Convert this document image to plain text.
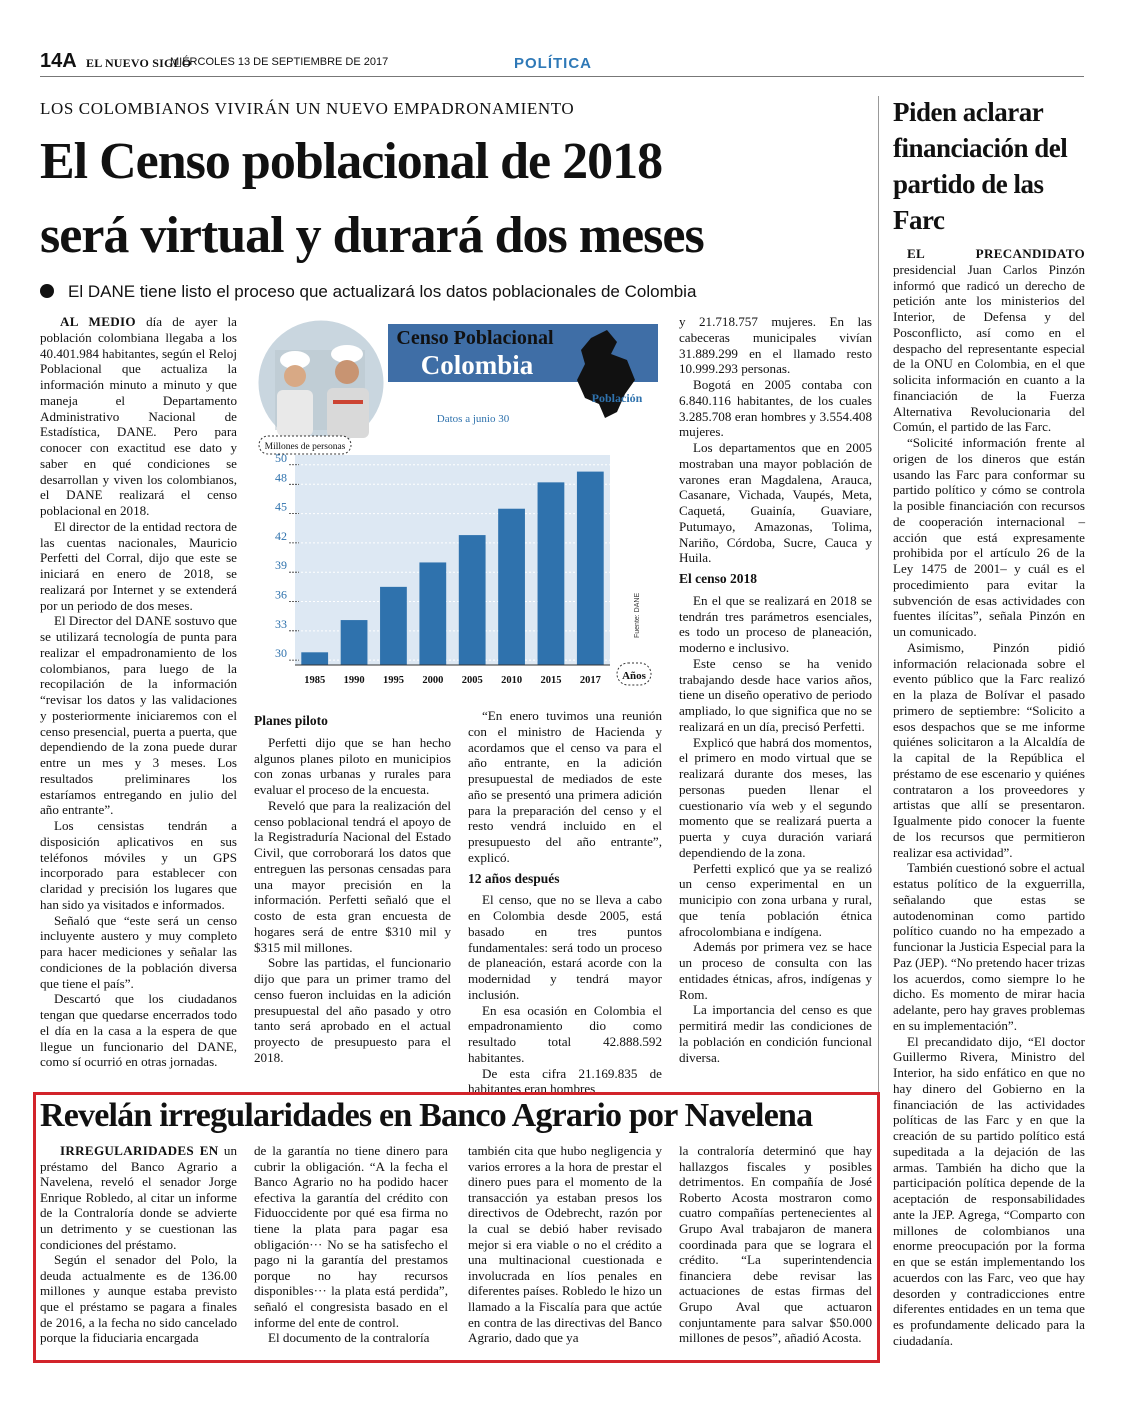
14A EL NUEVO SIGLO
MIÉRCOLES 13 DE SEPTIEMBRE DE 2017	POLÍTICA
LOS COLOMBIANOS VIVIRÁN UN NUEVO EMPADRONAMIENTO
El Censo poblacional de 2018
será virtual y durará dos meses
El DANE tiene listo el proceso que actualizará los datos poblacionales de Colombia

AL MEDIO día de ayer la población colombiana llegaba a los 40.401.984 habitantes, según el Reloj Poblacional que actualiza la información minuto a minuto y que maneja el Departamento Administrativo Nacional de Estadística, DANE. Pero para conocer con exactitud ese dato y saber en qué condiciones se desarrollan y viven los colombianos, el DANE realizará el censo poblacional en 2018.

El director de la entidad rectora de las cuentas nacionales, Mauricio Perfetti del Corral, dijo que este se iniciará en enero de 2018, se realizará por Internet y se extenderá por un periodo de dos meses.

El Director del DANE sostuvo que se utilizará tecnología de punta para realizar el empadronamiento de los colombianos, para luego de la recopilación de la información “revisar los datos y las validaciones y posteriormente iniciaremos con el censo presencial, puerta a puerta, que dependiendo de la zona puede durar entre un mes y 3 meses. Los resultados preliminares los estaríamos entregando en julio del año entrante”.

Los censistas tendrán a disposición aplicativos en sus teléfonos móviles y un GPS incorporado para establecer con claridad y precisión los lugares que han sido ya visitados e informados.

Señaló que “este será un censo incluyente austero y muy completo para hacer mediciones y señalar las condiciones de la población diversa que tiene el país”.

Descartó que los ciudadanos tengan que quedarse encerrados todo el día en la casa a la espera de que llegue un funcionario del DANE, como sí ocurrió en otras jornadas.

Censo Poblacional
Colombia
Población
Datos a junio 30
Millones de personas
30
33
36
39
42
45
48
50
1985 1990 1995 2000 2005 2010 2015 2017 Años
Fuente: DANE

Planes piloto

Perfetti dijo que se han hecho algunos planes piloto en municipios con zonas urbanas y rurales para evaluar el proceso de la encuesta.

Reveló que para la realización del censo poblacional tendrá el apoyo de la Registraduría Nacional del Estado Civil, que corroborará los datos que entreguen las personas censadas para una mayor precisión en la información. Perfetti señaló que el costo de esta gran encuesta de hogares será de entre $310 mil y $315 mil millones.

Sobre las partidas, el funcionario dijo que para un primer tramo del censo fueron incluidas en la adición presupuestal del año pasado y otro tanto será aprobado en el actual proyecto de presupuesto para el 2018.

“En enero tuvimos una reunión con el ministro de Hacienda y acordamos que el censo va para el año entrante, en la adición presupuestal de mediados de este año se presentó una primera adición para la preparación del censo y el resto vendrá incluido en el presupuesto del año entrante”, explicó.

12 años después

El censo, que no se lleva a cabo en Colombia desde 2005, está basado en tres puntos fundamentales: será todo un proceso de planeación, estará acorde con la modernidad y tendrá mayor inclusión.

En esa ocasión en Colombia el empadronamiento dio como resultado total 42.888.592 habitantes.

De esta cifra 21.169.835 de habitantes eran hombres

y 21.718.757 mujeres. En las cabeceras municipales vivían 31.889.299 en el llamado resto 10.999.293 personas.

Bogotá en 2005 contaba con 6.840.116 habitantes, de los cuales 3.285.708 eran hombres y 3.554.408 mujeres.

Los departamentos que en 2005 mostraban una mayor población de varones eran Magdalena, Arauca, Casanare, Vichada, Vaupés, Meta, Caquetá, Guainía, Guaviare, Putumayo, Amazonas, Tolima, Nariño, Córdoba, Sucre, Cauca y Huila.

El censo 2018

En el que se realizará en 2018 se tendrán tres parámetros esenciales, es todo un proceso de planeación, moderno e inclusivo.

Este censo se ha venido trabajando desde hace varios años, tiene un diseño operativo de periodo ampliado, lo que significa que no se realizará en un día, precisó Perfetti.

Explicó que habrá dos momentos, el primero en modo virtual que se realizará durante dos meses, las personas pueden llenar el cuestionario vía web y el segundo momento que se realizará puerta a puerta y cuya duración variará dependiendo de la zona.

Perfetti explicó que ya se realizó un censo experimental en un municipio con zona urbana y rural, que tenía población étnica afrocolombiana e indígena.

Además por primera vez se hace un proceso de consulta con las entidades étnicas, afros, indígenas y Rom.

La importancia del censo es que permitirá medir las condiciones de la población en condición funcional diversa.

Piden aclarar financiación del partido de las Farc

EL PRECANDIDATO presidencial Juan Carlos Pinzón informó que radicó un derecho de petición ante los ministerios del Interior, de Defensa y del Posconflicto, así como en el despacho del representante especial de la ONU en Colombia, en el que solicita información en cuanto a la financiación de la Fuerza Alternativa Revolucionaria del Común, el partido de las Farc.

“Solicité información frente al origen de los dineros que están usando las Farc para conformar su partido político y cómo se controla la posible financiación con recursos de cooperación internacional –acción que está expresamente prohibida por el artículo 26 de la Ley 1475 de 2001– y cuál es el procedimiento para evitar la subvención de esas actividades con fuentes ilícitas”, señala Pinzón en un comunicado.

Asimismo, Pinzón pidió información relacionada sobre el evento público que la Farc realizó en la plaza de Bolívar el pasado primero de septiembre: “Solicito a esos despachos que se me informe quiénes solicitaron a la Alcaldía de la capital de la República el préstamo de ese escenario y quiénes contrataron a los proveedores y artistas que allí se presentaron. Igualmente pido conocer la fuente de los recursos que permitieron realizar esa actividad”.

También cuestionó sobre el actual estatus político de la exguerrilla, señalando que estas se autodenominan como partido político cuando no ha empezado a funcionar la Justicia Especial para la Paz (JEP). “No pretendo hacer trizas los acuerdos, como siempre lo he dicho. Es momento de mirar hacia adelante, pero hay graves problemas en su implementación”.

El precandidato dijo, “El doctor Guillermo Rivera, Ministro del Interior, ha sido enfático en que no hay dinero del Gobierno en la financiación de las actividades políticas de las Farc y en que la creación de su partido político está supeditada a la dejación de las armas. También ha dicho que la participación política depende de la aceptación de responsabilidades ante la JEP. Agrega, “Comparto con millones de colombianos una enorme preocupación por la forma en que se están implementando los acuerdos con las Farc, veo que hay desorden y contradicciones entre diferentes entidades en un tema que es profundamente delicado para la ciudadanía.

Revelán irregularidades en Banco Agrario por Navelena

IRREGULARIDADES EN un préstamo del Banco Agrario a Navelena, reveló el senador Jorge Enrique Robledo, al citar un informe de la Contraloría donde se advierte un detrimento y se cuestionan las condiciones del préstamo.

Según el senador del Polo, la deuda actualmente es de 136.00 millones y aunque estaba previsto que el préstamo se pagara a finales de 2016, a la fecha no sido cancelado porque la fiduciaria encargada

de la garantía no tiene dinero para cubrir la obligación. “A la fecha el Banco Agrario no ha podido hacer efectiva la garantía del crédito con Fiduoccidente por qué esa firma no tiene la plata para pagar esa obligación··· No se ha satisfecho el pago ni la garantía del prestamos porque no hay recursos disponibles··· la plata está perdida”, señaló el congresista basado en el informe del ente de control.

El documento de la contraloría

también cita que hubo negligencia y varios errores a la hora de prestar el dinero pues para el momento de la transacción ya estaban presos los directivos de Odebrecht, razón por la cual se debió haber revisado mejor si era viable o no el crédito a una multinacional cuestionada e involucrada en líos penales en diferentes países. Robledo le hizo un llamado a la Fiscalía para que actúe en contra de las directivas del Banco Agrario, dado que ya

la contraloría determinó que hay hallazgos fiscales y posibles detrimentos. En compañía de José Roberto Acosta mostraron como cuatro compañías pertenecientes al Grupo Aval trabajaron de manera coordinada para que se lograra el crédito. “La superintendencia financiera debe revisar las actuaciones de estas firmas del Grupo Aval que actuaron conjuntamente para salvar $50.000 millones de pesos”, añadió Acosta.
